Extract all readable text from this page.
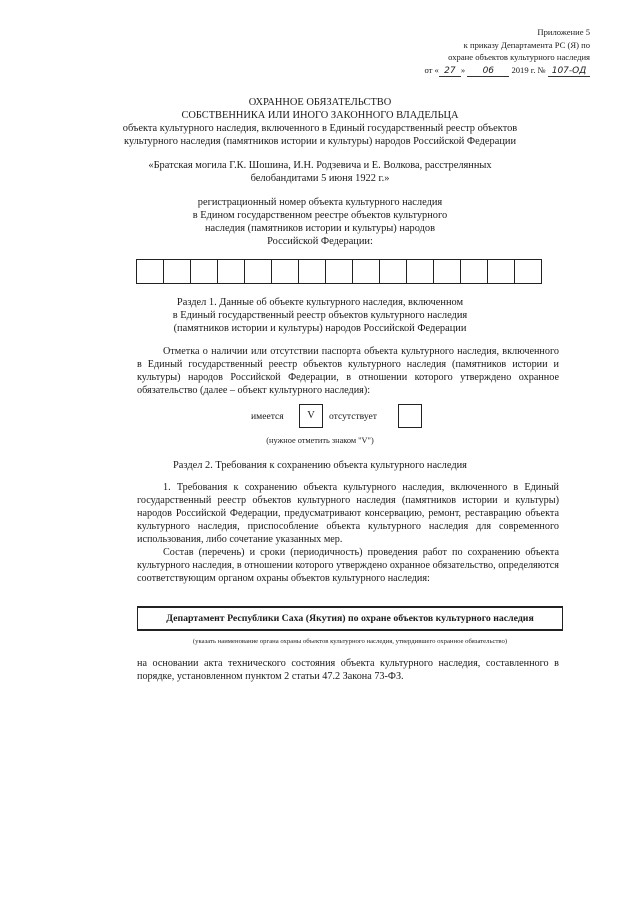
Приложение 5
к приказу Департамента РС (Я) по
охране объектов культурного наследия
от « 27 » 06 2019 г. № 107-ОД
ОХРАННОЕ ОБЯЗАТЕЛЬСТВО
СОБСТВЕННИКА ИЛИ ИНОГО ЗАКОННОГО ВЛАДЕЛЬЦА
объекта культурного наследия, включенного в Единый государственный реестр объектов
культурного наследия (памятников истории и культуры) народов Российской Федерации
«Братская могила Г.К. Шошина, И.Н. Родзевича и Е. Волкова, расстрелянных
белобандитами 5 июня 1922 г.»
регистрационный номер объекта культурного наследия
в Едином государственном реестре объектов культурного
наследия (памятников истории и культуры) народов
Российской Федерации:
Раздел 1. Данные об объекте культурного наследия, включенном
в Единый государственный реестр объектов культурного наследия
(памятников истории и культуры) народов Российской Федерации
Отметка о наличии или отсутствии паспорта объекта культурного наследия, включенного в Единый государственный реестр объектов культурного наследия (памятников истории и культуры) народов Российской Федерации, в отношении которого утверждено охранное обязательство (далее – объект культурного наследия):
имеется	V	отсутствует
(нужное отметить знаком "V")
Раздел 2. Требования к сохранению объекта культурного наследия
1. Требования к сохранению объекта культурного наследия, включенного в Единый государственный реестр объектов культурного наследия (памятников истории и культуры) народов Российской Федерации, предусматривают консервацию, ремонт, реставрацию объекта культурного наследия, приспособление объекта культурного наследия для современного использования, либо сочетание указанных мер.
Состав (перечень) и сроки (периодичность) проведения работ по сохранению объекта культурного наследия, в отношении которого утверждено охранное обязательство, определяются соответствующим органом охраны объектов культурного наследия:
Департамент Республики Саха (Якутия) по охране объектов культурного наследия
(указать наименование органа охраны объектов культурного наследия, утвердившего охранное обязательство)
на основании акта технического состояния объекта культурного наследия, составленного в порядке, установленном пунктом 2 статьи 47.2 Закона 73-ФЗ.
